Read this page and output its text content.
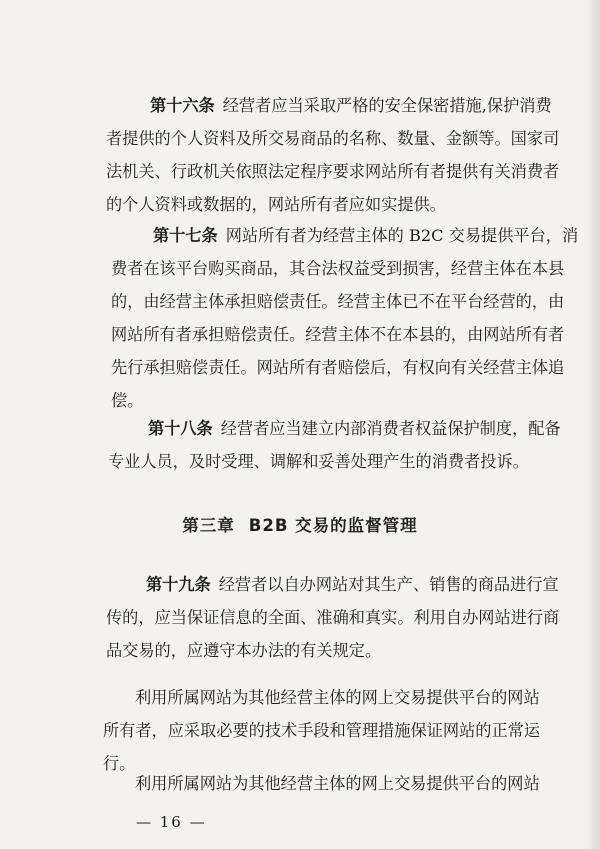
第十六条 经营者应当采取严格的安全保密措施,保护消费
者提供的个人资料及所交易商品的名称、数量、金额等。国家司
法机关、行政机关依照法定程序要求网站所有者提供有关消费者
的个人资料或数据的，网站所有者应如实提供。
第十七条 网站所有者为经营主体的 B2C 交易提供平台，消
费者在该平台购买商品，其合法权益受到损害，经营主体在本县
的，由经营主体承担赔偿责任。经营主体已不在平台经营的，由
网站所有者承担赔偿责任。经营主体不在本县的，由网站所有者
先行承担赔偿责任。网站所有者赔偿后，有权向有关经营主体追
偿。
第十八条 经营者应当建立内部消费者权益保护制度，配备
专业人员，及时受理、调解和妥善处理产生的消费者投诉。
第三章 B2B 交易的监督管理
第十九条 经营者以自办网站对其生产、销售的商品进行宣
传的，应当保证信息的全面、准确和真实。利用自办网站进行商
品交易的，应遵守本办法的有关规定。
利用所属网站为其他经营主体的网上交易提供平台的网站
所有者，应采取必要的技术手段和管理措施保证网站的正常运
行。
利用所属网站为其他经营主体的网上交易提供平台的网站
— 16 —
